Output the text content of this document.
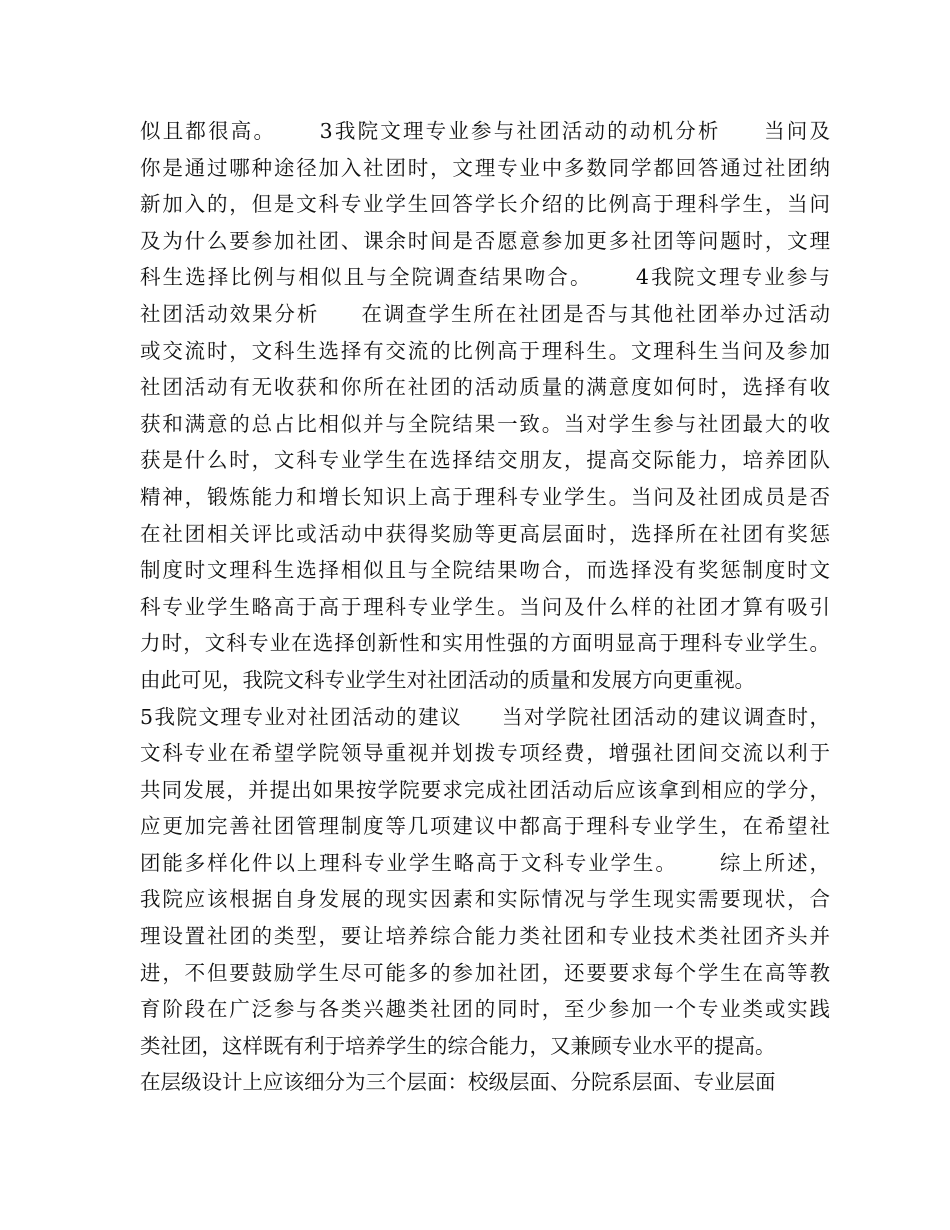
似且都很高。     3我院文理专业参与社团活动的动机分析     当问及
你是通过哪种途径加入社团时，文理专业中多数同学都回答通过社团纳
新加入的，但是文科专业学生回答学长介绍的比例高于理科学生，当问
及为什么要参加社团、课余时间是否愿意参加更多社团等问题时，文理
科生选择比例与相似且与全院调查结果吻合。     4我院文理专业参与
社团活动效果分析     在调查学生所在社团是否与其他社团举办过活动
或交流时，文科生选择有交流的比例高于理科生。文理科生当问及参加
社团活动有无收获和你所在社团的活动质量的满意度如何时，选择有收
获和满意的总占比相似并与全院结果一致。当对学生参与社团最大的收
获是什么时，文科专业学生在选择结交朋友，提高交际能力，培养团队
精神，锻炼能力和增长知识上高于理科专业学生。当问及社团成员是否
在社团相关评比或活动中获得奖励等更高层面时，选择所在社团有奖惩
制度时文理科生选择相似且与全院结果吻合，而选择没有奖惩制度时文
科专业学生略高于高于理科专业学生。当问及什么样的社团才算有吸引
力时，文科专业在选择创新性和实用性强的方面明显高于理科专业学生。
由此可见，我院文科专业学生对社团活动的质量和发展方向更重视。
5我院文理专业对社团活动的建议     当对学院社团活动的建议调查时，
文科专业在希望学院领导重视并划拨专项经费，增强社团间交流以利于
共同发展，并提出如果按学院要求完成社团活动后应该拿到相应的学分，
应更加完善社团管理制度等几项建议中都高于理科专业学生，在希望社
团能多样化件以上理科专业学生略高于文科专业学生。     综上所述，
我院应该根据自身发展的现实因素和实际情况与学生现实需要现状，合
理设置社团的类型，要让培养综合能力类社团和专业技术类社团齐头并
进，不但要鼓励学生尽可能多的参加社团，还要要求每个学生在高等教
育阶段在广泛参与各类兴趣类社团的同时，至少参加一个专业类或实践
类社团，这样既有利于培养学生的综合能力，又兼顾专业水平的提高。
在层级设计上应该细分为三个层面：校级层面、分院系层面、专业层面
